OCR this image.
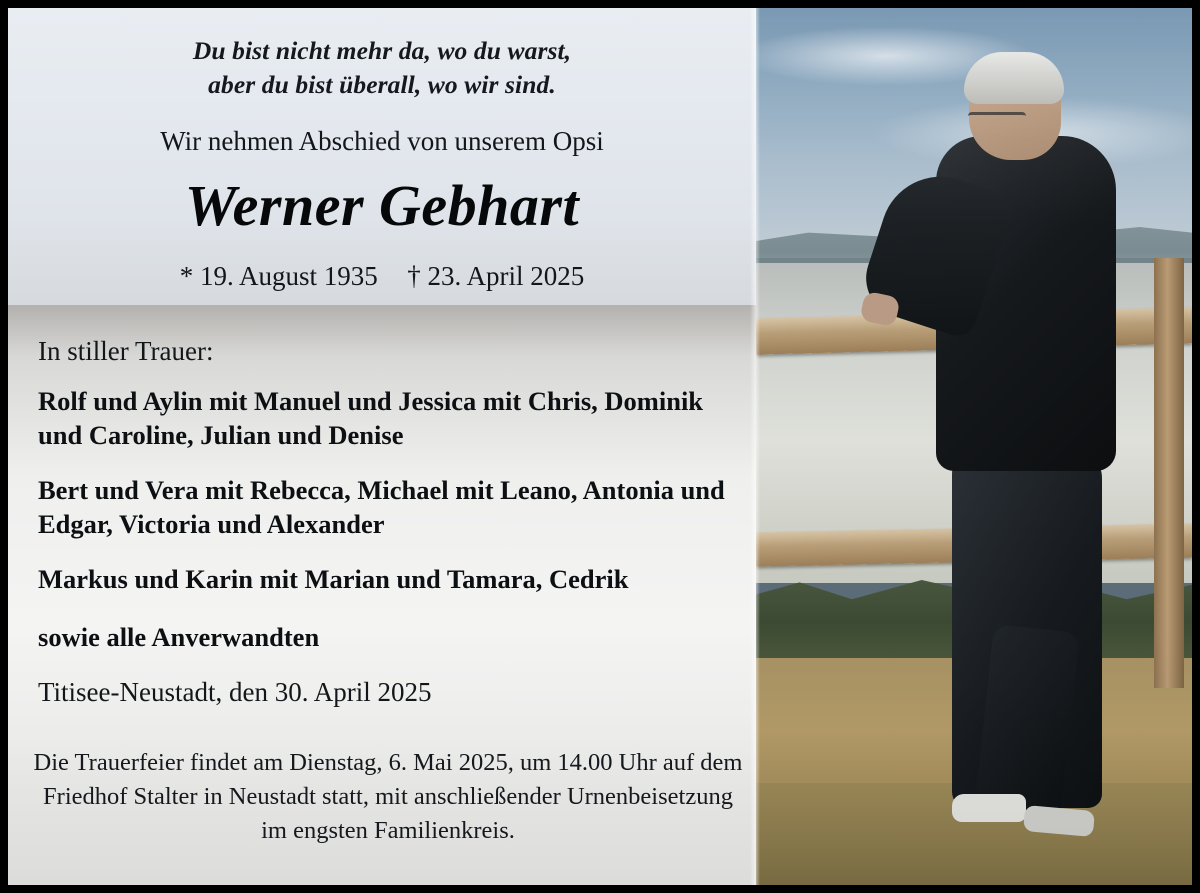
Du bist nicht mehr da, wo du warst,
aber du bist überall, wo wir sind.
Wir nehmen Abschied von unserem Opsi
Werner Gebhart
* 19. August 1935 † 23. April 2025
In stiller Trauer:
Rolf und Aylin mit Manuel und Jessica mit Chris, Dominik und Caroline, Julian und Denise
Bert und Vera mit Rebecca, Michael mit Leano, Antonia und Edgar, Victoria und Alexander
Markus und Karin mit Marian und Tamara, Cedrik
sowie alle Anverwandten
Titisee-Neustadt, den 30. April 2025
Die Trauerfeier findet am Dienstag, 6. Mai 2025, um 14.00 Uhr auf dem Friedhof Stalter in Neustadt statt, mit anschließender Urnenbeisetzung im engsten Familienkreis.
